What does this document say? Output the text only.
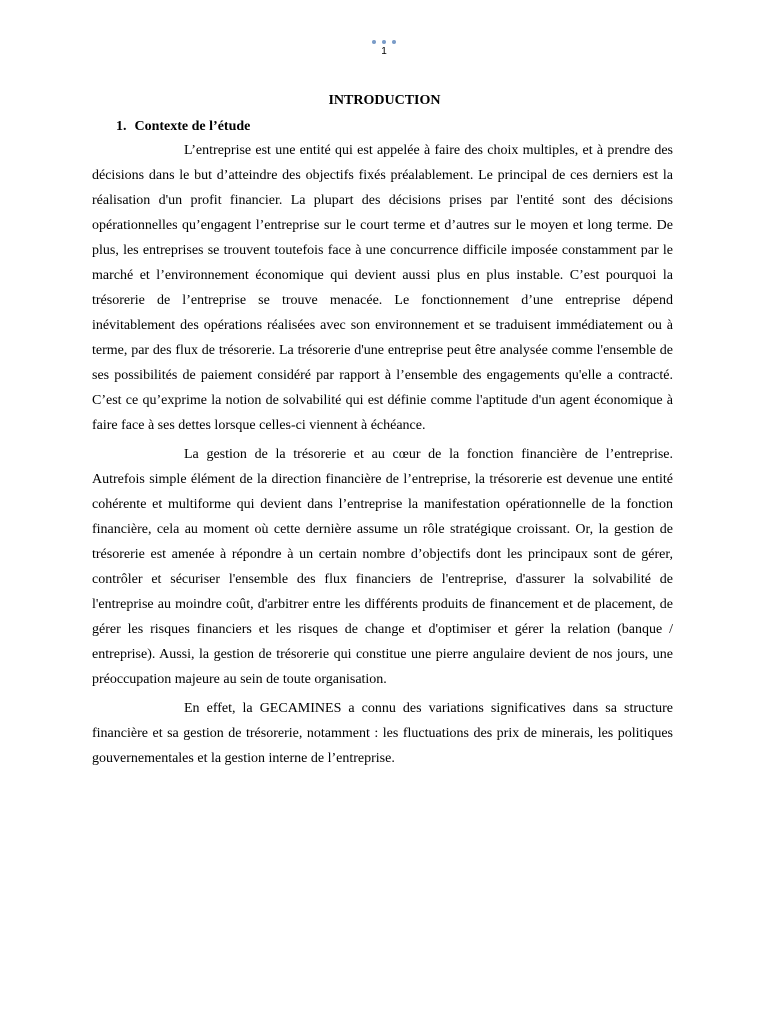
1
INTRODUCTION
1. Contexte de l’étude

L’entreprise est une entité qui est appelée à faire des choix multiples, et à prendre des décisions dans le but d’atteindre des objectifs fixés préalablement. Le principal de ces derniers est la réalisation d'un profit financier. La plupart des décisions prises par l'entité sont des décisions opérationnelles qu’engagent l’entreprise sur le court terme et d’autres sur le moyen et long terme. De plus, les entreprises se trouvent toutefois face à une concurrence difficile imposée constamment par le marché et l’environnement économique qui devient aussi plus en plus instable. C’est pourquoi la trésorerie de l’entreprise se trouve menacée. Le fonctionnement d’une entreprise dépend inévitablement des opérations réalisées avec son environnement et se traduisent immédiatement ou à terme, par des flux de trésorerie. La trésorerie d'une entreprise peut être analysée comme l'ensemble de ses possibilités de paiement considéré par rapport à l’ensemble des engagements qu'elle a contracté. C’est ce qu’exprime la notion de solvabilité qui est définie comme l'aptitude d'un agent économique à faire face à ses dettes lorsque celles-ci viennent à échéance.

La gestion de la trésorerie et au cœur de la fonction financière de l’entreprise. Autrefois simple élément de la direction financière de l’entreprise, la trésorerie est devenue une entité cohérente et multiforme qui devient dans l’entreprise la manifestation opérationnelle de la fonction financière, cela au moment où cette dernière assume un rôle stratégique croissant. Or, la gestion de trésorerie est amenée à répondre à un certain nombre d’objectifs dont les principaux sont de gérer, contrôler et sécuriser l'ensemble des flux financiers de l'entreprise, d'assurer la solvabilité de l'entreprise au moindre coût, d'arbitrer entre les différents produits de financement et de placement, de gérer les risques financiers et les risques de change et d'optimiser et gérer la relation (banque / entreprise). Aussi, la gestion de trésorerie qui constitue une pierre angulaire devient de nos jours, une préoccupation majeure au sein de toute organisation.

En effet, la GECAMINES a connu des variations significatives dans sa structure financière et sa gestion de trésorerie, notamment : les fluctuations des prix de minerais, les politiques gouvernementales et la gestion interne de l’entreprise.
